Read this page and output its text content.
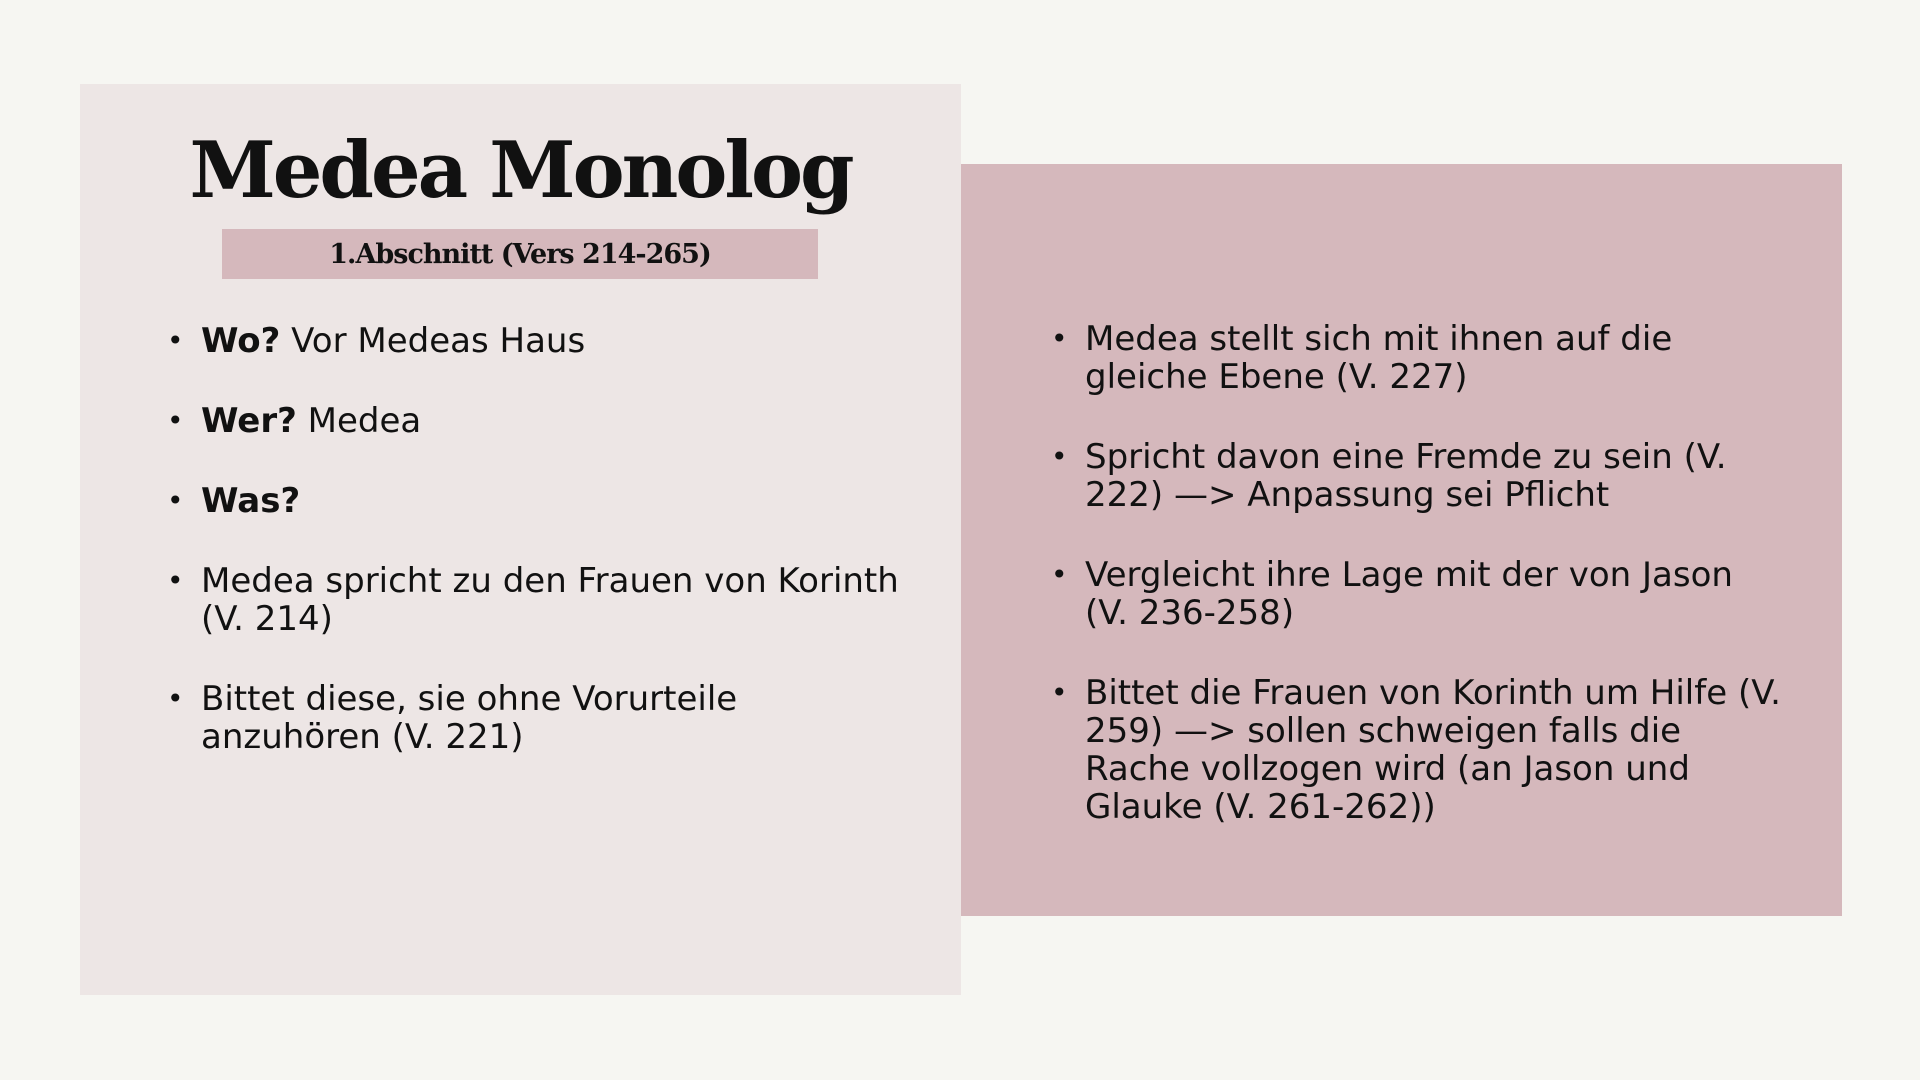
Medea Monolog
1.Abschnitt (Vers 214-265)
• Wo? Vor Medeas Haus
• Wer? Medea
• Was?
• Medea spricht zu den Frauen von Korinth (V. 214)
• Bittet diese, sie ohne Vorurteile anzuhören (V. 221)
• Medea stellt sich mit ihnen auf die gleiche Ebene (V. 227)
• Spricht davon eine Fremde zu sein (V. 222) —> Anpassung sei Pflicht
• Vergleicht ihre Lage mit der von Jason (V. 236-258)
• Bittet die Frauen von Korinth um Hilfe (V. 259) —> sollen schweigen falls die Rache vollzogen wird (an Jason und Glauke (V. 261-262))
